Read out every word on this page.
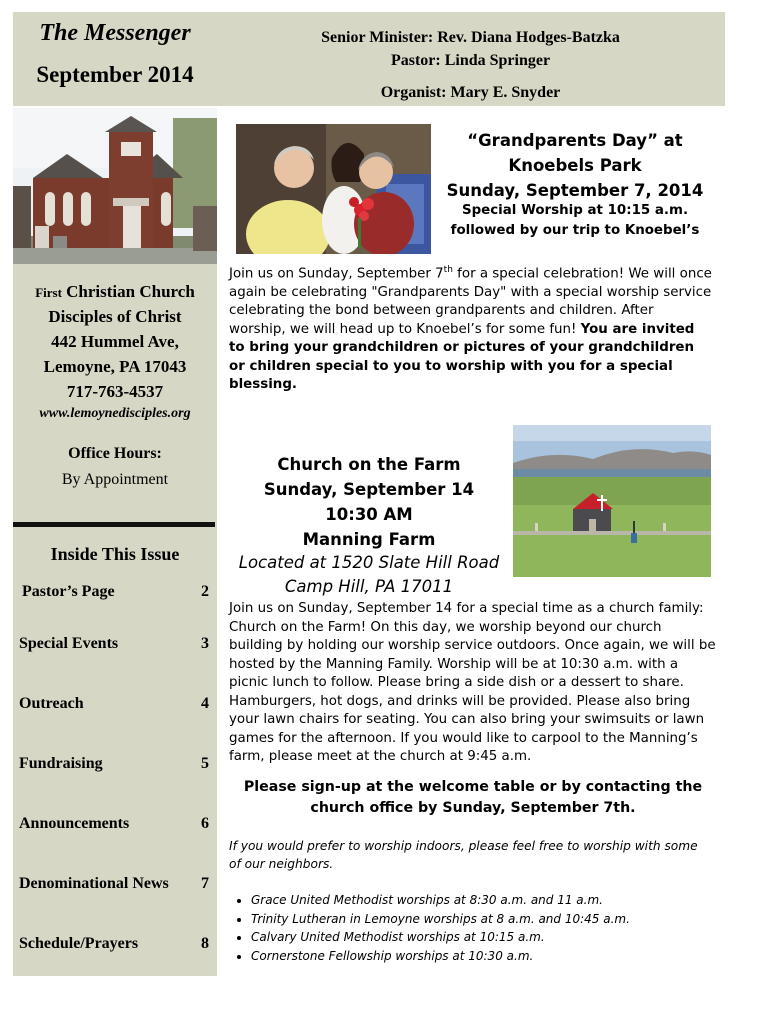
The Messenger
September 2014
Senior Minister: Rev. Diana Hodges-Batzka
Pastor: Linda Springer
Organist: Mary E. Snyder
First Christian Church
Disciples of Christ
442 Hummel Ave,
Lemoyne, PA 17043
717-763-4537
www.lemoynedisciples.org
Office Hours:
By Appointment
Inside This Issue
Pastor’s Page	2
Special Events	3
Outreach	4
Fundraising	5
Announcements	6
Denominational News 7
Schedule/Prayers	8
“Grandparents Day” at
Knoebels Park
Sunday, September 7, 2014
Special Worship at 10:15 a.m.
followed by our trip to Knoebel’s
Join us on Sunday, September 7th for a special celebration! We will once again be celebrating "Grandparents Day" with a special worship service celebrating the bond between grandparents and children. After worship, we will head up to Knoebel’s for some fun! You are invited to bring your grandchildren or pictures of your grandchildren or children special to you to worship with you for a special blessing.
Church on the Farm
Sunday, September 14
10:30 AM
Manning Farm
Located at 1520 Slate Hill Road
Camp Hill, PA 17011
Join us on Sunday, September 14 for a special time as a church family: Church on the Farm! On this day, we worship beyond our church building by holding our worship service outdoors. Once again, we will be hosted by the Manning Family. Worship will be at 10:30 a.m. with a picnic lunch to follow. Please bring a side dish or a dessert to share. Hamburgers, hot dogs, and drinks will be provided. Please also bring your lawn chairs for seating. You can also bring your swimsuits or lawn games for the afternoon. If you would like to carpool to the Manning’s farm, please meet at the church at 9:45 a.m.
Please sign-up at the welcome table or by contacting the church office by Sunday, September 7th.
If you would prefer to worship indoors, please feel free to worship with some of our neighbors.
• Grace United Methodist worships at 8:30 a.m. and 11 a.m.
• Trinity Lutheran in Lemoyne worships at 8 a.m. and 10:45 a.m.
• Calvary United Methodist worships at 10:15 a.m.
• Cornerstone Fellowship worships at 10:30 a.m.
